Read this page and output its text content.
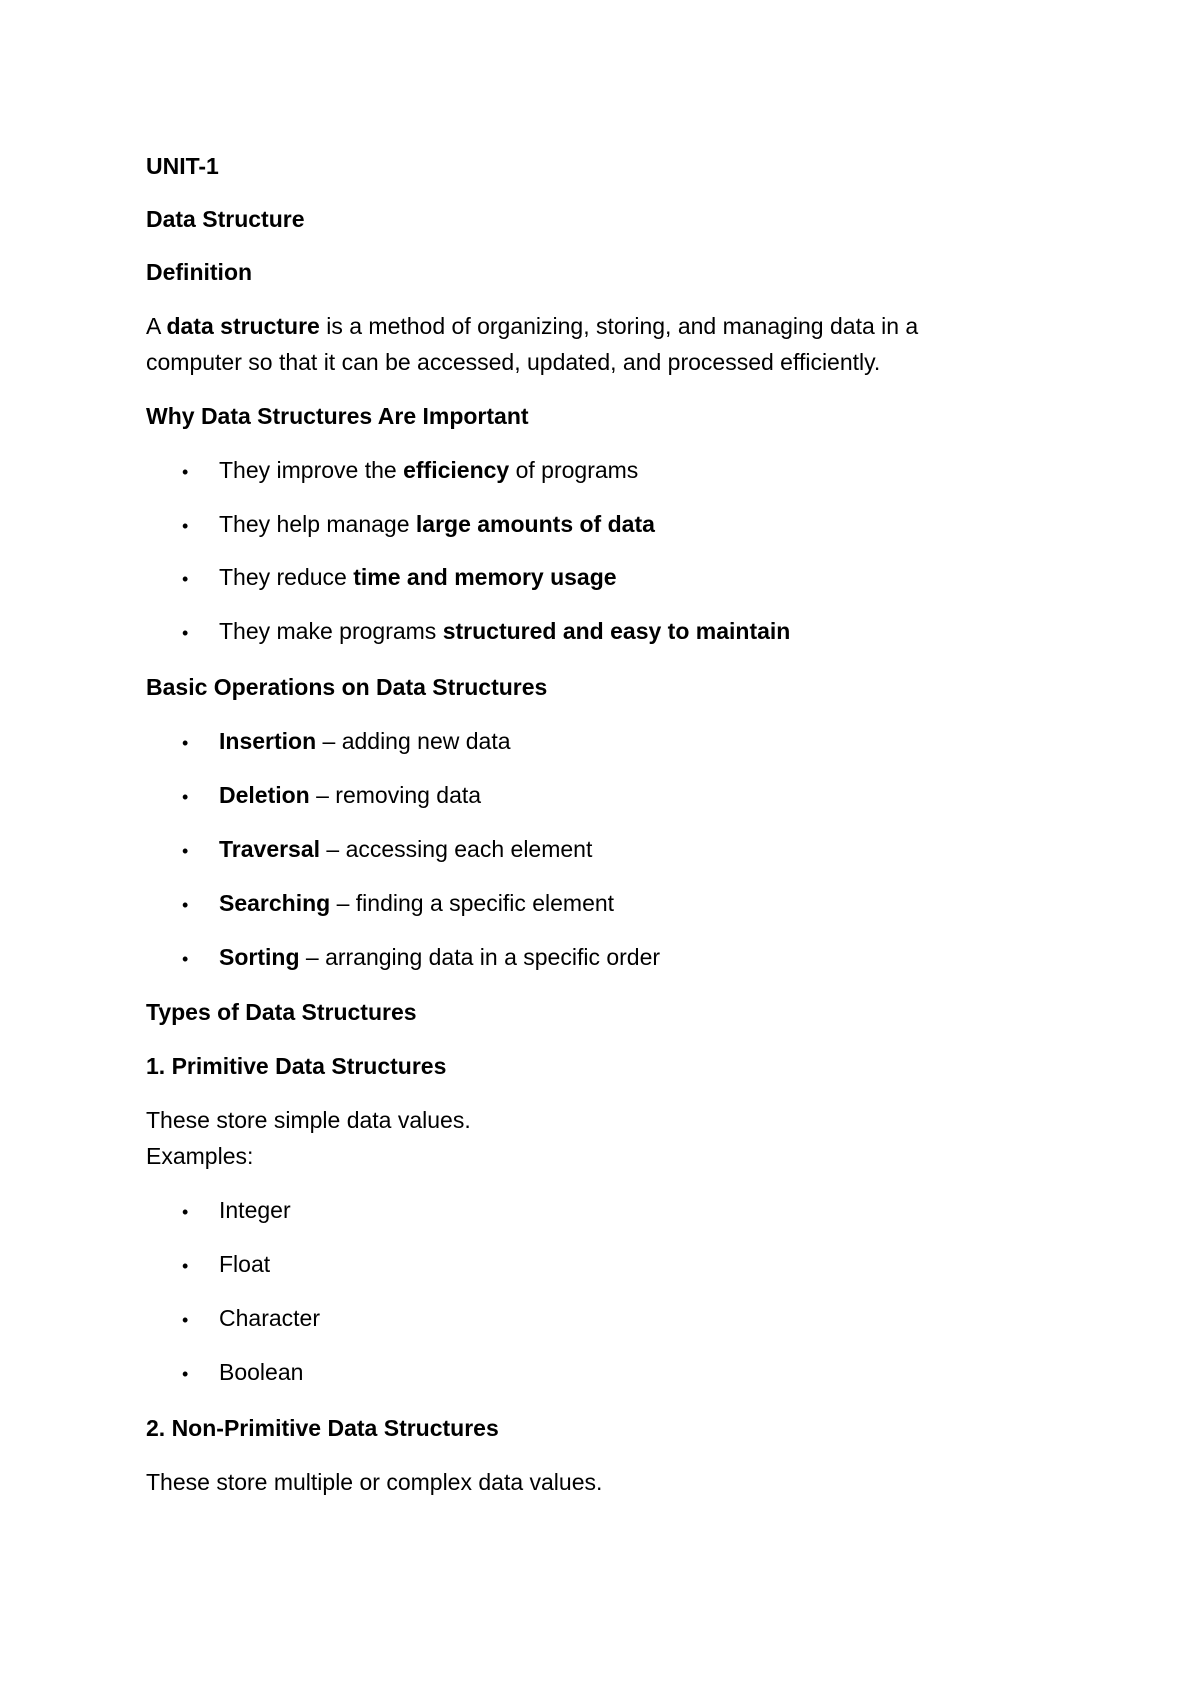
UNIT-1
Data Structure
Definition
A data structure is a method of organizing, storing, and managing data in a
computer so that it can be accessed, updated, and processed efficiently.
Why Data Structures Are Important
• They improve the efficiency of programs
• They help manage large amounts of data
• They reduce time and memory usage
• They make programs structured and easy to maintain
Basic Operations on Data Structures
• Insertion – adding new data
• Deletion – removing data
• Traversal – accessing each element
• Searching – finding a specific element
• Sorting – arranging data in a specific order
Types of Data Structures
1. Primitive Data Structures
These store simple data values.
Examples:
• Integer
• Float
• Character
• Boolean
2. Non-Primitive Data Structures
These store multiple or complex data values.
